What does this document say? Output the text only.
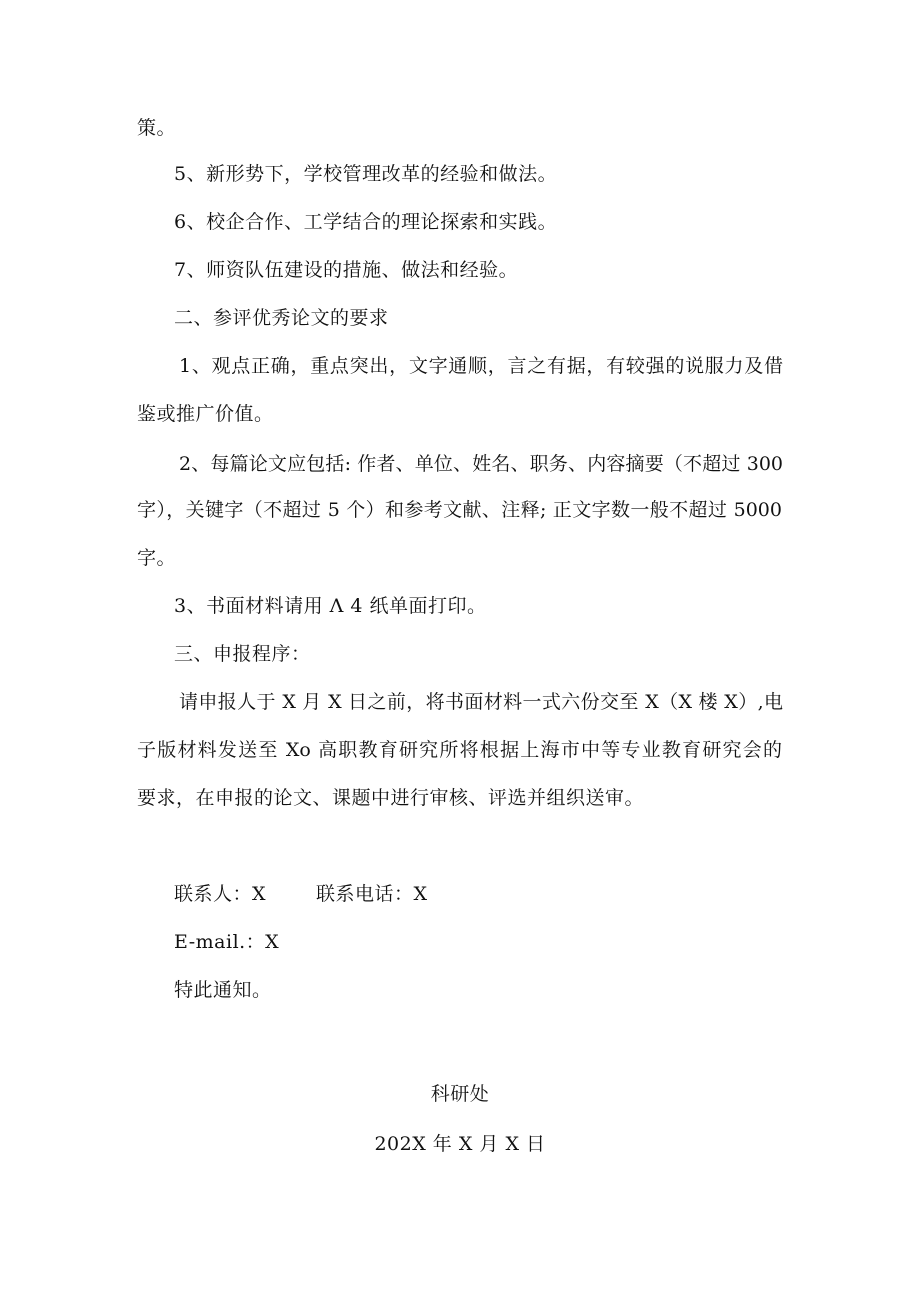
策。

5、新形势下，学校管理改革的经验和做法。

6、校企合作、工学结合的理论探索和实践。

7、师资队伍建设的措施、做法和经验。

二、参评优秀论文的要求

1、观点正确，重点突出，文字通顺，言之有据，有较强的说服力及借

鉴或推广价值。

2、每篇论文应包括: 作者、单位、姓名、职务、内容摘要（不超过 300

字），关键字（不超过 5 个）和参考文献、注释; 正文字数一般不超过 5000

字。

3、书面材料请用 Λ 4 纸单面打印。

三、申报程序：

请申报人于 X 月 X 日之前，将书面材料一式六份交至 X（X 楼 X）,电

子版材料发送至 Xo 高职教育研究所将根据上海市中等专业教育研究会的

要求，在申报的论文、课题中进行审核、评选并组织送审。

联系人：X	联系电话：X

E-mail.：X

特此通知。

科研处

202X 年 X 月 X 日
